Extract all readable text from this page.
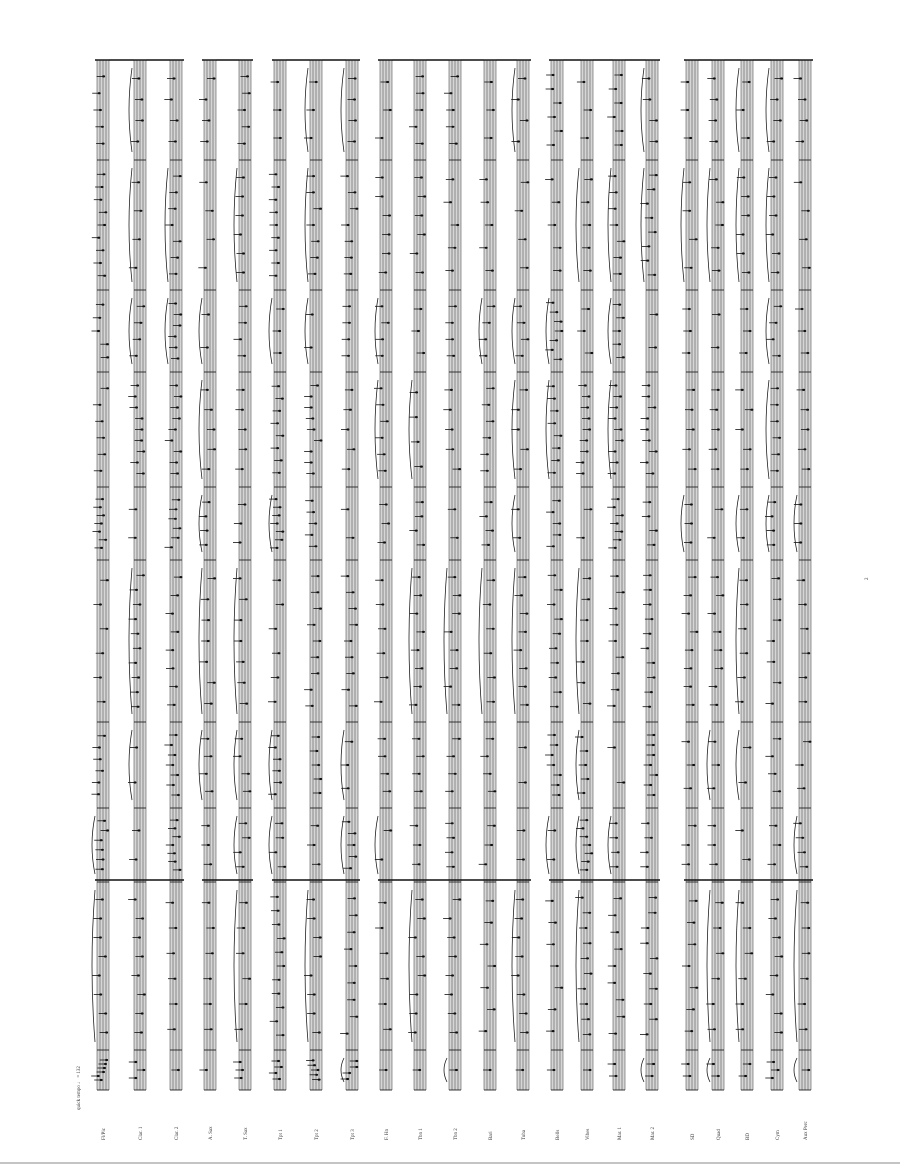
Fl/Pic	Clar. 1	Clar. 2	A. Sax	T. Sax	Tpt 1	Tpt 2	Tpt 3	F. Hn	Tbn 1	Tbn 2	Bari	Tuba	Bells	Vibes	Mar. 1	Mar. 2	SD	Quad	BD	Cym	Aux Perc
quick tempo ♩ = 132
2
